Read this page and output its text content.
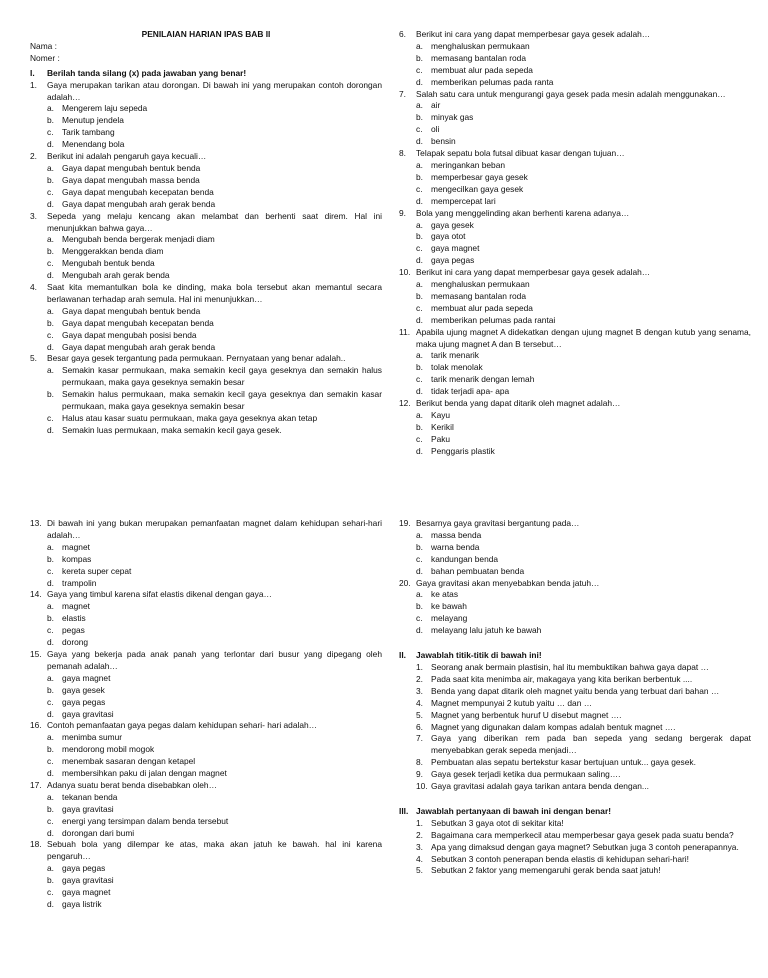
PENILAIAN HARIAN IPAS BAB II
Nama :
Nomer :
I.	Berilah tanda silang (x) pada jawaban yang benar!
1.	Gaya merupakan tarikan atau dorongan. Di bawah ini yang merupakan contoh dorongan adalah…
a. Mengerem laju sepeda
b. Menutup jendela
c.	Tarik tambang
d. Menendang bola
2.	Berikut ini adalah pengaruh gaya kecuali…
a. Gaya dapat mengubah bentuk benda
b. Gaya dapat mengubah massa benda
c.	Gaya dapat mengubah kecepatan benda
d. Gaya dapat mengubah arah gerak benda
3.	Sepeda yang melaju kencang akan melambat dan berhenti saat direm. Hal ini menunjukkan bahwa gaya…
a. Mengubah benda bergerak menjadi diam
b. Menggerakkan benda diam
c.	Mengubah bentuk benda
d. Mengubah arah gerak benda
4.	Saat kita memantulkan bola ke dinding, maka bola tersebut akan memantul secara berlawanan terhadap arah semula. Hal ini menunjukkan…
a. Gaya dapat mengubah bentuk benda
b. Gaya dapat mengubah kecepatan benda
c.	Gaya dapat mengubah posisi benda
d. Gaya dapat mengubah arah gerak benda
5.	Besar gaya gesek tergantung pada permukaan. Pernyataan yang benar adalah..
a. Semakin kasar permukaan, maka semakin kecil gaya geseknya dan semakin halus permukaan, maka gaya geseknya semakin besar
b. Semakin halus permukaan, maka semakin kecil gaya geseknya dan semakin kasar permukaan, maka gaya geseknya semakin besar
c.	Halus atau kasar suatu permukaan, maka gaya geseknya akan tetap
d. Semakin luas permukaan, maka semakin kecil gaya gesek.
6.	Berikut ini cara yang dapat memperbesar gaya gesek adalah…
a. menghaluskan permukaan
b. memasang bantalan roda
c.	membuat alur pada sepeda
d. memberikan pelumas pada ranta
7.	Salah satu cara untuk mengurangi gaya gesek pada mesin adalah menggunakan…
a. air
b. minyak gas
c.	oli
d. bensin
8.	Telapak sepatu bola futsal dibuat kasar dengan tujuan…
a. meringankan beban
b. memperbesar gaya gesek
c.	mengecilkan gaya gesek
d. mempercepat lari
9.	Bola yang menggelinding akan berhenti karena adanya…
a. gaya gesek
b. gaya otot
c.	gaya magnet
d. gaya pegas
10. Berikut ini cara yang dapat memperbesar gaya gesek adalah…
a. menghaluskan permukaan
b. memasang bantalan roda
c.	membuat alur pada sepeda
d. memberikan pelumas pada rantai
11. Apabila ujung magnet A didekatkan dengan ujung magnet B dengan kutub yang senama, maka ujung magnet A dan B tersebut…
a. tarik menarik
b. tolak menolak
c.	tarik menarik dengan lemah
d. tidak terjadi apa- apa
12. Berikut benda yang dapat ditarik oleh magnet adalah…
a. Kayu
b. Kerikil
c.	Paku
d. Penggaris plastik
13. Di bawah ini yang bukan merupakan pemanfaatan magnet dalam kehidupan sehari-hari adalah…
a. magnet
b. kompas
c.	kereta super cepat
d. trampolin
14. Gaya yang timbul karena sifat elastis dikenal dengan gaya…
a. magnet
b. elastis
c.	pegas
d. dorong
15. Gaya yang bekerja pada anak panah yang terlontar dari busur yang dipegang oleh pemanah adalah…
a. gaya magnet
b. gaya gesek
c.	gaya pegas
d. gaya gravitasi
16. Contoh pemanfaatan gaya pegas dalam kehidupan sehari- hari adalah…
a. menimba sumur
b. mendorong mobil mogok
c.	menembak sasaran dengan ketapel
d. membersihkan paku di jalan dengan magnet
17. Adanya suatu berat benda disebabkan oleh…
a. tekanan benda
b. gaya gravitasi
c.	energi yang tersimpan dalam benda tersebut
d. dorongan dari bumi
18. Sebuah bola yang dilempar ke atas, maka akan jatuh ke bawah. hal ini karena pengaruh…
a. gaya pegas
b. gaya gravitasi
c.	gaya magnet
d. gaya listrik
19. Besarnya gaya gravitasi bergantung pada…
a. massa benda
b. warna benda
c.	kandungan benda
d. bahan pembuatan benda
20. Gaya gravitasi akan menyebabkan benda jatuh…
a. ke atas
b. ke bawah
c.	melayang
d. melayang lalu jatuh ke bawah
II.	Jawablah titik-titik di bawah ini!
1. Seorang anak bermain plastisin, hal itu membuktikan bahwa gaya dapat …
2. Pada saat kita menimba air, makagaya yang kita berikan berbentuk ....
3. Benda yang dapat ditarik oleh magnet yaitu benda yang terbuat dari bahan …
4. Magnet mempunyai 2 kutub yaitu … dan …
5. Magnet yang berbentuk huruf U disebut magnet ….
6. Magnet yang digunakan dalam kompas adalah bentuk magnet ….
7. Gaya yang diberikan rem pada ban sepeda yang sedang bergerak dapat menyebabkan gerak sepeda menjadi…
8. Pembuatan alas sepatu bertekstur kasar bertujuan untuk... gaya gesek.
9. Gaya gesek terjadi ketika dua permukaan saling….
10. Gaya gravitasi adalah gaya tarikan antara benda dengan...
III. Jawablah pertanyaan di bawah ini dengan benar!
1. Sebutkan 3 gaya otot di sekitar kita!
2. Bagaimana cara memperkecil atau memperbesar gaya gesek pada suatu benda?
3. Apa yang dimaksud dengan gaya magnet? Sebutkan juga 3 contoh penerapannya.
4. Sebutkan 3 contoh penerapan benda elastis di kehidupan sehari-hari!
5. Sebutkan 2 faktor yang memengaruhi gerak benda saat jatuh!
